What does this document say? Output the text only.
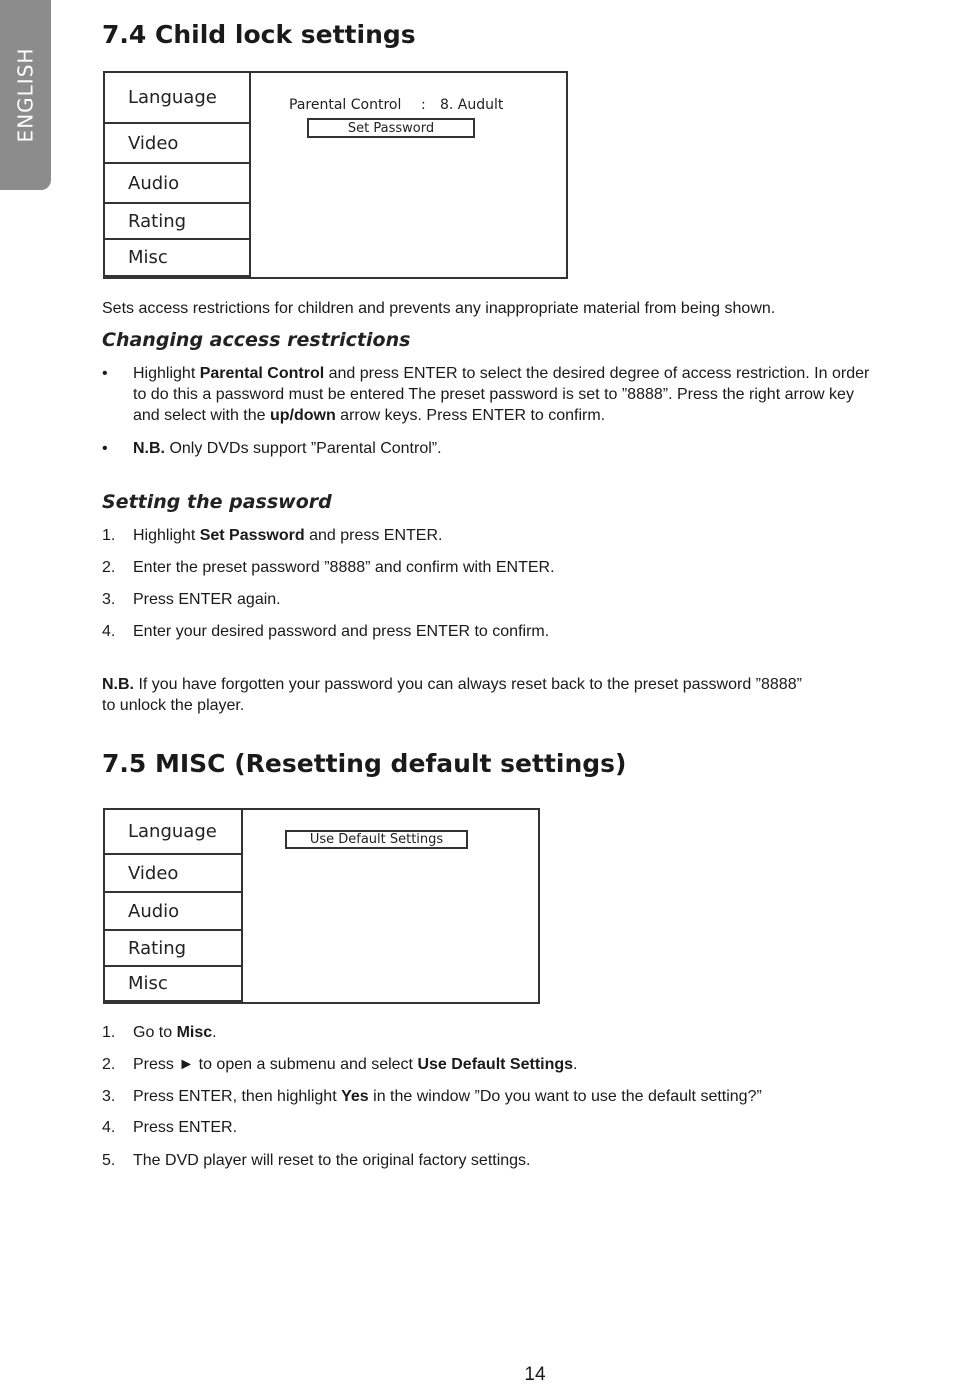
ENGLISH
7.4 Child lock settings
Language
Video
Audio
Rating
Misc
Parental Control : 8. Audult
Set Password

Sets access restrictions for children and prevents any inappropriate material from being shown.

Changing access restrictions
• Highlight Parental Control and press ENTER to select the desired degree of access restriction. In order
to do this a password must be entered The preset password is set to ”8888”. Press the right arrow key
and select with the up/down arrow keys. Press ENTER to confirm.
• N.B. Only DVDs support ”Parental Control”.
Setting the password
1. Highlight Set Password and press ENTER.
2. Enter the preset password ”8888” and confirm with ENTER.
3. Press ENTER again.
4. Enter your desired password and press ENTER to confirm.
N.B. If you have forgotten your password you can always reset back to the preset password ”8888”
to unlock the player.
7.5 MISC (Resetting default settings)
Language
Video
Audio
Rating
Misc
Use Default Settings
1. Go to Misc.
2. Press ► to open a submenu and select Use Default Settings.
3. Press ENTER, then highlight Yes in the window ”Do you want to use the default setting?”
4. Press ENTER.
5. The DVD player will reset to the original factory settings.
14
